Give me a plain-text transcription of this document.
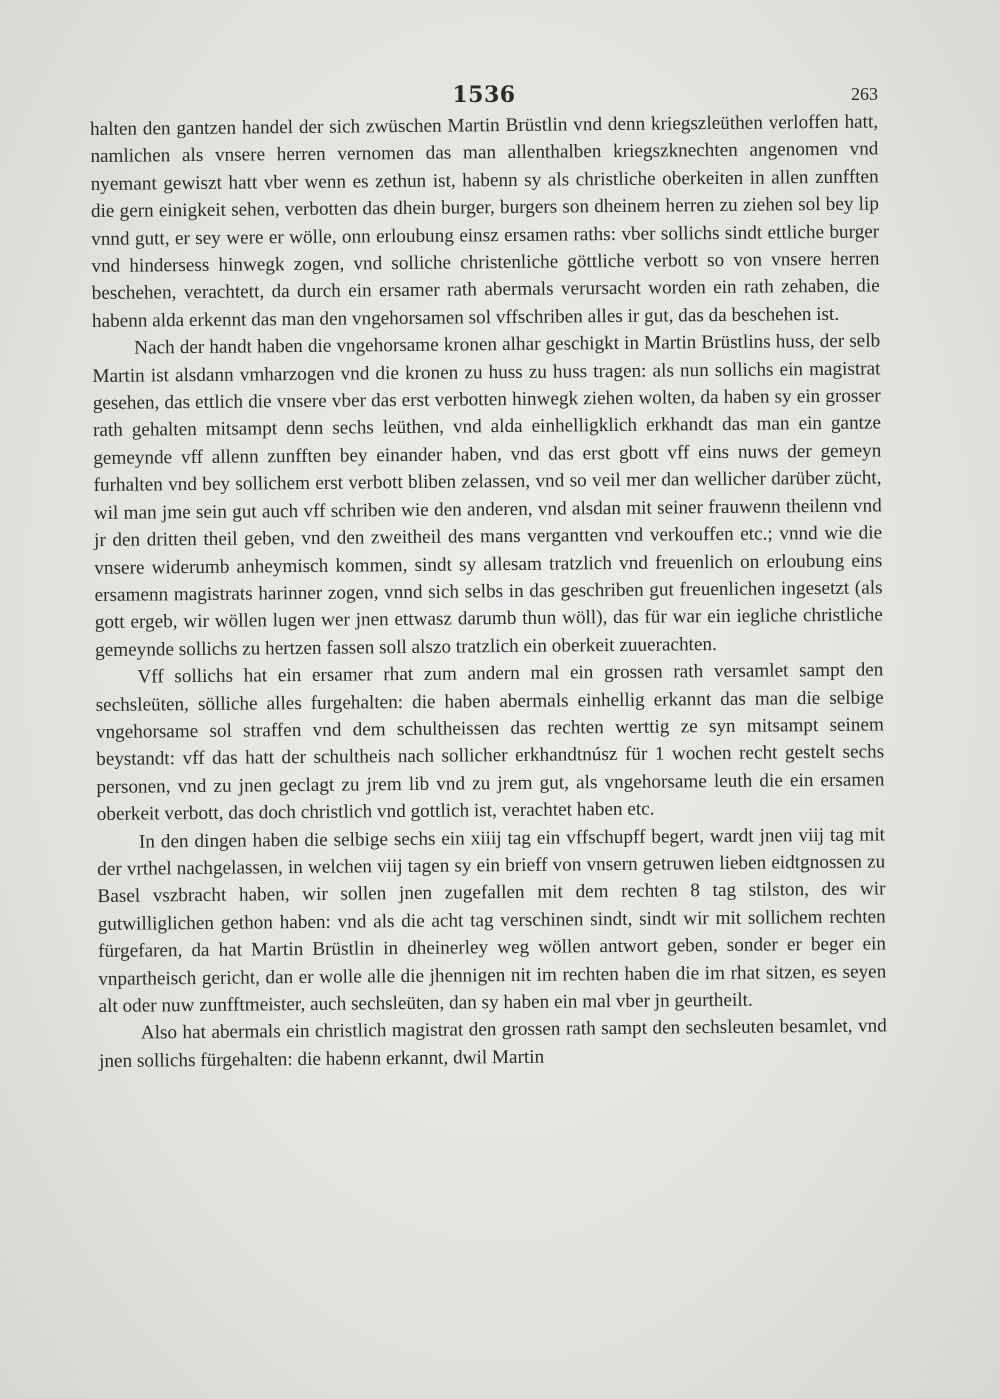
1536	263

halten den gantzen handel der sich zwüschen Martin Brüstlin vnd denn kriegszleüthen verloffen hatt, namlichen als vnsere herren vernomen das man allenthalben kriegszknechten angenomen vnd nyemant gewiszt hatt vber wenn es zethun ist, habenn sy als christliche oberkeiten in allen zunfften die gern einigkeit sehen, verbotten das dhein burger, burgers son dheinem herren zu ziehen sol bey lip vnnd gutt, er sey were er wölle, onn erloubung einsz ersamen raths: vber sollichs sindt ettliche burger vnd hindersess hinwegk zogen, vnd solliche christenliche göttliche verbott so von vnsere herren beschehen, verachtett, da durch ein ersamer rath abermals verursacht worden ein rath zehaben, die habenn alda erkennt das man den vngehorsamen sol vffschriben alles ir gut, das da beschehen ist.

Nach der handt haben die vngehorsame kronen alhar geschigkt in Martin Brüstlins huss, der selb Martin ist alsdann vmharzogen vnd die kronen zu huss zu huss tragen: als nun sollichs ein magistrat gesehen, das ettlich die vnsere vber das erst verbotten hinwegk ziehen wolten, da haben sy ein grosser rath gehalten mitsampt denn sechs leüthen, vnd alda einhelligklich erkhandt das man ein gantze gemeynde vff allenn zunfften bey einander haben, vnd das erst gbott vff eins nuws der gemeyn furhalten vnd bey sollichem erst verbott bliben zelassen, vnd so veil mer dan wellicher darüber zücht, wil man jme sein gut auch vff schriben wie den anderen, vnd alsdan mit seiner frauwenn theilenn vnd jr den dritten theil geben, vnd den zweitheil des mans vergantten vnd verkouffen etc.; vnnd wie die vnsere widerumb anheymisch kommen, sindt sy allesam tratzlich vnd freuenlich on erloubung eins ersamenn magistrats harinner zogen, vnnd sich selbs in das geschriben gut freuenlichen ingesetzt (als gott ergeb, wir wöllen lugen wer jnen ettwasz darumb thun wöll), das für war ein iegliche christliche gemeynde sollichs zu hertzen fassen soll alszo tratzlich ein oberkeit zuuerachten.

Vff sollichs hat ein ersamer rhat zum andern mal ein grossen rath versamlet sampt den sechsleüten, sölliche alles furgehalten: die haben abermals einhellig erkannt das man die selbige vngehorsame sol straffen vnd dem schultheissen das rechten werttig ze syn mitsampt seinem beystandt: vff das hatt der schultheis nach sollicher erkhandtnúsz für 1 wochen recht gestelt sechs personen, vnd zu jnen geclagt zu jrem lib vnd zu jrem gut, als vngehorsame leuth die ein ersamen oberkeit verbott, das doch christlich vnd gottlich ist, verachtet haben etc.

In den dingen haben die selbige sechs ein xiiij tag ein vffschupff begert, wardt jnen viij tag mit der vrthel nachgelassen, in welchen viij tagen sy ein brieff von vnsern getruwen lieben eidtgnossen zu Basel vszbracht haben, wir sollen jnen zugefallen mit dem rechten 8 tag stilston, des wir gutwilliglichen gethon haben: vnd als die acht tag verschinen sindt, sindt wir mit sollichem rechten fürgefaren, da hat Martin Brüstlin in dheinerley weg wöllen antwort geben, sonder er beger ein vnpartheisch gericht, dan er wolle alle die jhennigen nit im rechten haben die im rhat sitzen, es seyen alt oder nuw zunfftmeister, auch sechsleüten, dan sy haben ein mal vber jn geurtheilt.

Also hat abermals ein christlich magistrat den grossen rath sampt den sechsleuten besamlet, vnd jnen sollichs fürgehalten: die habenn erkannt, dwil Martin
